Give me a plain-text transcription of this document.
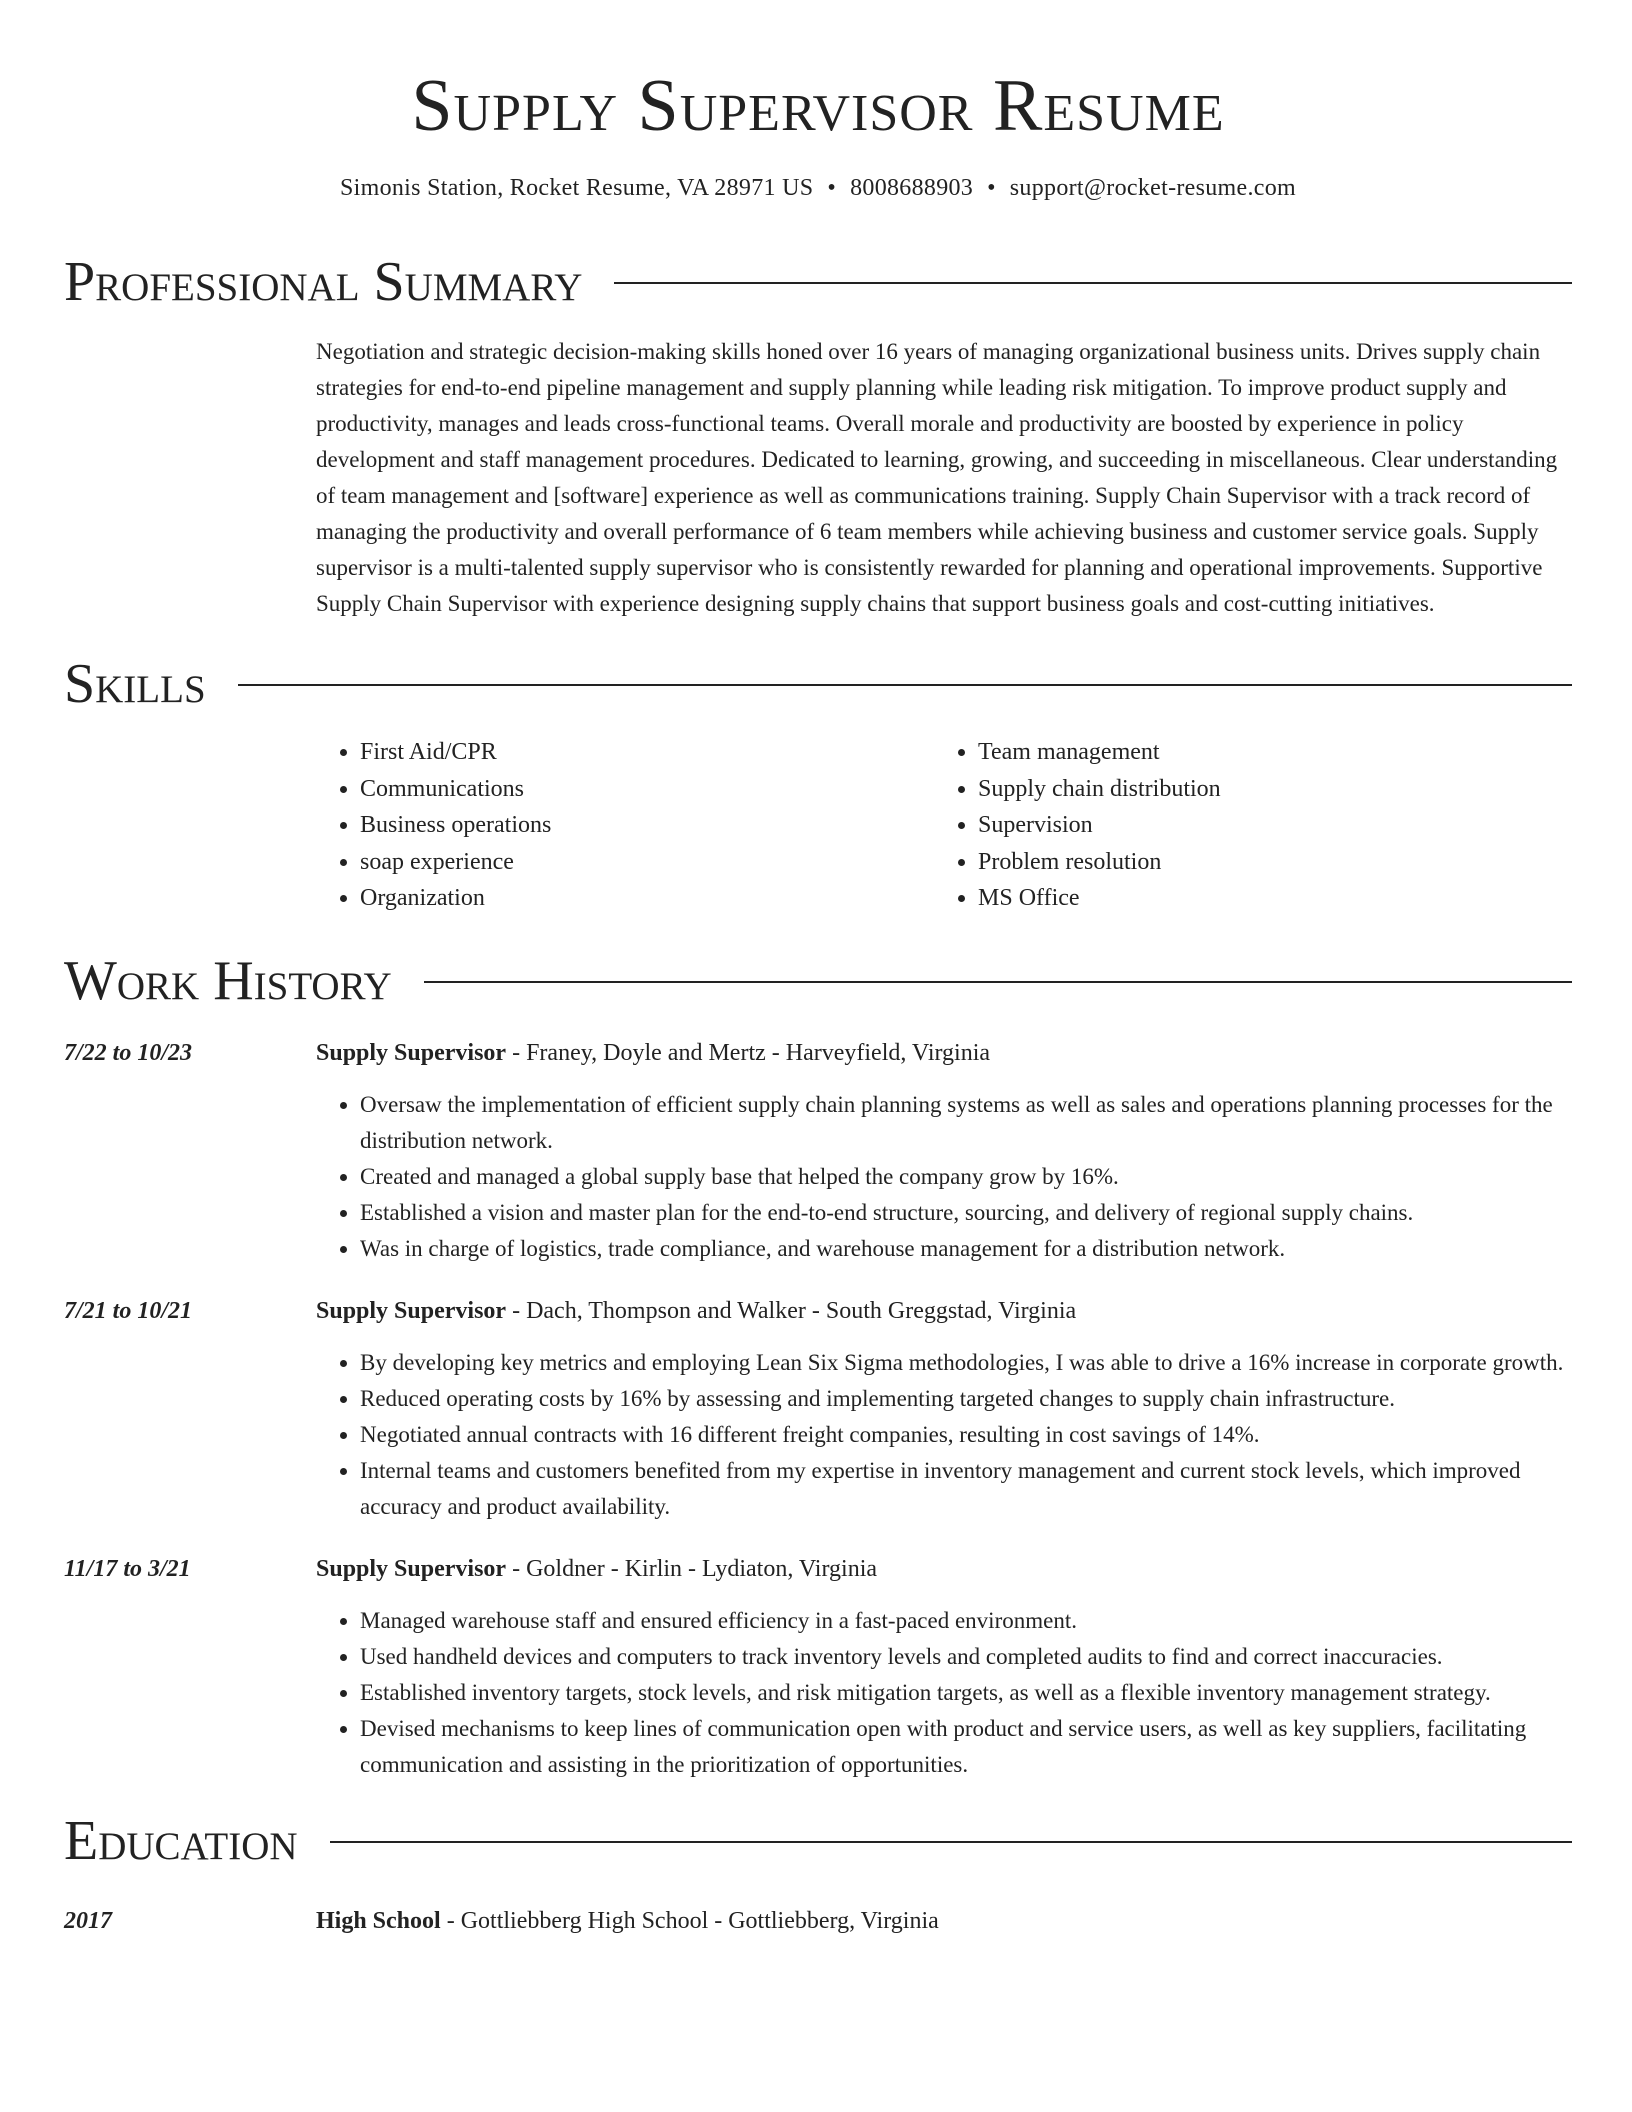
Supply Supervisor Resume
Simonis Station, Rocket Resume, VA 28971 US • 8008688903 • support@rocket-resume.com
Professional Summary
Negotiation and strategic decision-making skills honed over 16 years of managing organizational business units. Drives supply chain strategies for end-to-end pipeline management and supply planning while leading risk mitigation. To improve product supply and productivity, manages and leads cross-functional teams. Overall morale and productivity are boosted by experience in policy development and staff management procedures. Dedicated to learning, growing, and succeeding in miscellaneous. Clear understanding of team management and [software] experience as well as communications training. Supply Chain Supervisor with a track record of managing the productivity and overall performance of 6 team members while achieving business and customer service goals. Supply supervisor is a multi-talented supply supervisor who is consistently rewarded for planning and operational improvements. Supportive Supply Chain Supervisor with experience designing supply chains that support business goals and cost-cutting initiatives.
Skills
• First Aid/CPR
• Communications
• Business operations
• soap experience
• Organization
• Team management
• Supply chain distribution
• Supervision
• Problem resolution
• MS Office
Work History
7/22 to 10/23	Supply Supervisor - Franey, Doyle and Mertz - Harveyfield, Virginia
• Oversaw the implementation of efficient supply chain planning systems as well as sales and operations planning processes for the distribution network.
• Created and managed a global supply base that helped the company grow by 16%.
• Established a vision and master plan for the end-to-end structure, sourcing, and delivery of regional supply chains.
• Was in charge of logistics, trade compliance, and warehouse management for a distribution network.
7/21 to 10/21	Supply Supervisor - Dach, Thompson and Walker - South Greggstad, Virginia
• By developing key metrics and employing Lean Six Sigma methodologies, I was able to drive a 16% increase in corporate growth.
• Reduced operating costs by 16% by assessing and implementing targeted changes to supply chain infrastructure.
• Negotiated annual contracts with 16 different freight companies, resulting in cost savings of 14%.
• Internal teams and customers benefited from my expertise in inventory management and current stock levels, which improved accuracy and product availability.
11/17 to 3/21	Supply Supervisor - Goldner - Kirlin - Lydiaton, Virginia
• Managed warehouse staff and ensured efficiency in a fast-paced environment.
• Used handheld devices and computers to track inventory levels and completed audits to find and correct inaccuracies.
• Established inventory targets, stock levels, and risk mitigation targets, as well as a flexible inventory management strategy.
• Devised mechanisms to keep lines of communication open with product and service users, as well as key suppliers, facilitating communication and assisting in the prioritization of opportunities.
Education
2017	High School - Gottliebberg High School - Gottliebberg, Virginia
